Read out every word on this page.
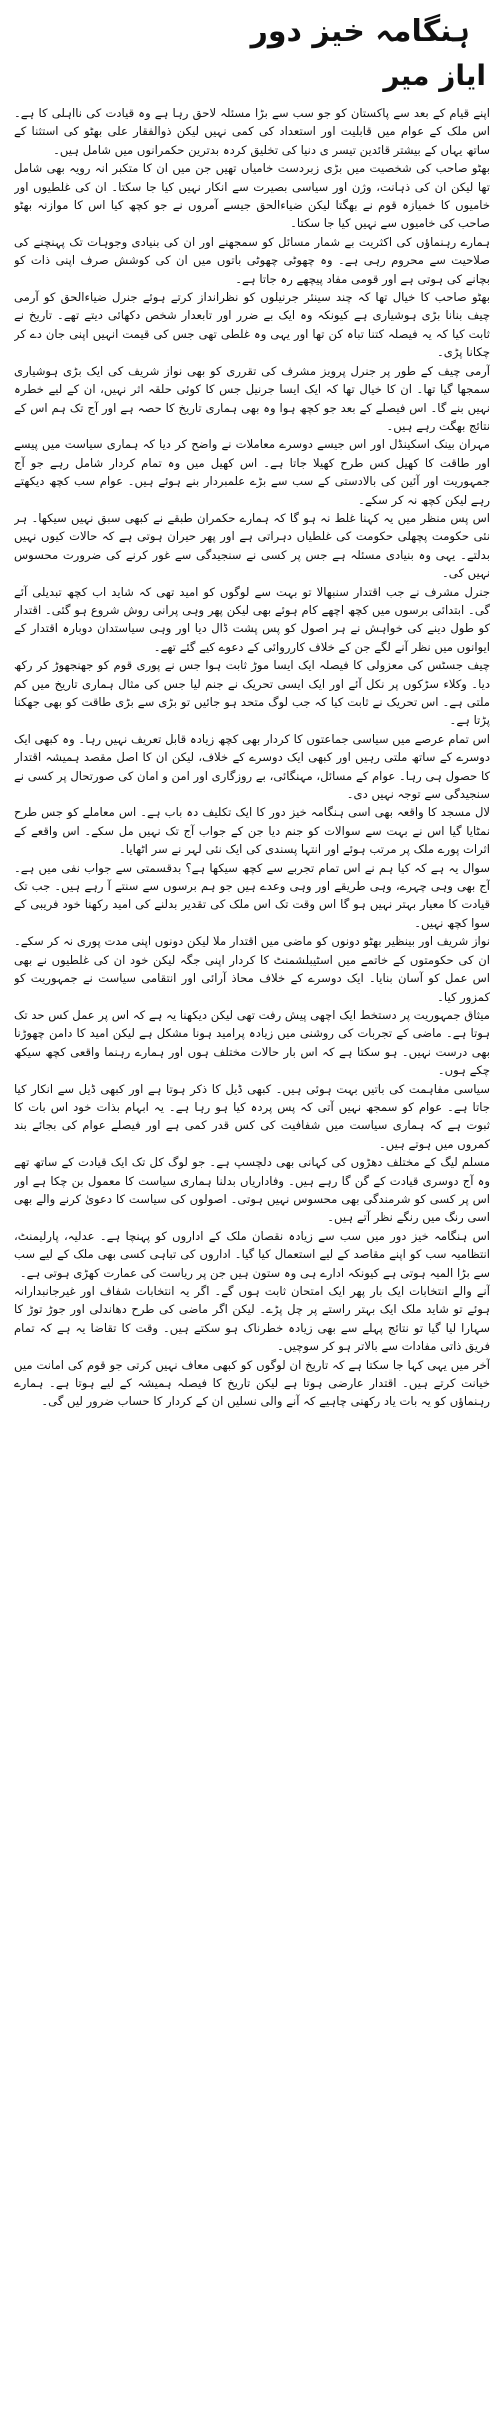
ہنگامہ خیز دور
ایاز میر

اپنے قیام کے بعد سے پاکستان کو جو سب سے بڑا مسئلہ لاحق رہا ہے وہ قیادت کی نااہلی کا ہے۔ اس ملک کے عوام میں قابلیت اور استعداد کی کمی نہیں لیکن ذوالفقار علی بھٹو کی استثنا کے ساتھ یہاں کے بیشتر قائدین تیسر ی دنیا کی تخلیق کردہ بدترین حکمرانوں میں شامل ہیں۔

بھٹو صاحب کی شخصیت میں بڑی زبردست خامیاں تھیں جن میں ان کا متکبر انہ رویہ بھی شامل تھا لیکن ان کی ذہانت، وژن اور سیاسی بصیرت سے انکار نہیں کیا جا سکتا۔ ان کی غلطیوں اور خامیوں کا خمیازہ قوم نے بھگتا لیکن ضیاءالحق جیسے آمروں نے جو کچھ کیا اس کا موازنہ بھٹو صاحب کی خامیوں سے نہیں کیا جا سکتا۔

ہمارے رہنماؤں کی اکثریت بے شمار مسائل کو سمجھنے اور ان کی بنیادی وجوہات تک پہنچنے کی صلاحیت سے محروم رہی ہے۔ وہ چھوٹی چھوٹی باتوں میں ان کی کوشش صرف اپنی ذات کو بچانے کی ہوتی ہے اور قومی مفاد پیچھے رہ جاتا ہے۔

بھٹو صاحب کا خیال تھا کہ چند سینئر جرنیلوں کو نظرانداز کرتے ہوئے جنرل ضیاءالحق کو آرمی چیف بنانا بڑی ہوشیاری ہے کیونکہ وہ ایک بے ضرر اور تابعدار شخص دکھائی دیتے تھے۔ تاریخ نے ثابت کیا کہ یہ فیصلہ کتنا تباہ کن تھا اور یہی وہ غلطی تھی جس کی قیمت انہیں اپنی جان دے کر چکانا پڑی۔

آرمی چیف کے طور پر جنرل پرویز مشرف کی تقرری کو بھی نواز شریف کی ایک بڑی ہوشیاری سمجھا گیا تھا۔ ان کا خیال تھا کہ ایک ایسا جرنیل جس کا کوئی حلقہ اثر نہیں، ان کے لیے خطرہ نہیں بنے گا۔ اس فیصلے کے بعد جو کچھ ہوا وہ بھی ہماری تاریخ کا حصہ ہے اور آج تک ہم اس کے نتائج بھگت رہے ہیں۔

مہران بینک اسکینڈل اور اس جیسے دوسرے معاملات نے واضح کر دیا کہ ہماری سیاست میں پیسے اور طاقت کا کھیل کس طرح کھیلا جاتا ہے۔ اس کھیل میں وہ تمام کردار شامل رہے جو آج جمہوریت اور آئین کی بالادستی کے سب سے بڑے علمبردار بنے ہوئے ہیں۔ عوام سب کچھ دیکھتے رہے لیکن کچھ نہ کر سکے۔

اس پس منظر میں یہ کہنا غلط نہ ہو گا کہ ہمارے حکمران طبقے نے کبھی سبق نہیں سیکھا۔ ہر نئی حکومت پچھلی حکومت کی غلطیاں دہراتی ہے اور پھر حیران ہوتی ہے کہ حالات کیوں نہیں بدلتے۔ یہی وہ بنیادی مسئلہ ہے جس پر کسی نے سنجیدگی سے غور کرنے کی ضرورت محسوس نہیں کی۔

جنرل مشرف نے جب اقتدار سنبھالا تو بہت سے لوگوں کو امید تھی کہ شاید اب کچھ تبدیلی آئے گی۔ ابتدائی برسوں میں کچھ اچھے کام ہوئے بھی لیکن پھر وہی پرانی روش شروع ہو گئی۔ اقتدار کو طول دینے کی خواہش نے ہر اصول کو پس پشت ڈال دیا اور وہی سیاستدان دوبارہ اقتدار کے ایوانوں میں نظر آنے لگے جن کے خلاف کارروائی کے دعوے کیے گئے تھے۔

چیف جسٹس کی معزولی کا فیصلہ ایک ایسا موڑ ثابت ہوا جس نے پوری قوم کو جھنجھوڑ کر رکھ دیا۔ وکلاء سڑکوں پر نکل آئے اور ایک ایسی تحریک نے جنم لیا جس کی مثال ہماری تاریخ میں کم ملتی ہے۔ اس تحریک نے ثابت کیا کہ جب لوگ متحد ہو جائیں تو بڑی سے بڑی طاقت کو بھی جھکنا پڑتا ہے۔

اس تمام عرصے میں سیاسی جماعتوں کا کردار بھی کچھ زیادہ قابل تعریف نہیں رہا۔ وہ کبھی ایک دوسرے کے ساتھ ملتی رہیں اور کبھی ایک دوسرے کے خلاف، لیکن ان کا اصل مقصد ہمیشہ اقتدار کا حصول ہی رہا۔ عوام کے مسائل، مہنگائی، بے روزگاری اور امن و امان کی صورتحال پر کسی نے سنجیدگی سے توجہ نہیں دی۔

لال مسجد کا واقعہ بھی اسی ہنگامہ خیز دور کا ایک تکلیف دہ باب ہے۔ اس معاملے کو جس طرح نمٹایا گیا اس نے بہت سے سوالات کو جنم دیا جن کے جواب آج تک نہیں مل سکے۔ اس واقعے کے اثرات پورے ملک پر مرتب ہوئے اور انتہا پسندی کی ایک نئی لہر نے سر اٹھایا۔

سوال یہ ہے کہ کیا ہم نے اس تمام تجربے سے کچھ سیکھا ہے؟ بدقسمتی سے جواب نفی میں ہے۔ آج بھی وہی چہرے، وہی طریقے اور وہی وعدے ہیں جو ہم برسوں سے سنتے آ رہے ہیں۔ جب تک قیادت کا معیار بہتر نہیں ہو گا اس وقت تک اس ملک کی تقدیر بدلنے کی امید رکھنا خود فریبی کے سوا کچھ نہیں۔

نواز شریف اور بینظیر بھٹو دونوں کو ماضی میں اقتدار ملا لیکن دونوں اپنی مدت پوری نہ کر سکے۔ ان کی حکومتوں کے خاتمے میں اسٹیبلشمنٹ کا کردار اپنی جگہ لیکن خود ان کی غلطیوں نے بھی اس عمل کو آسان بنایا۔ ایک دوسرے کے خلاف محاذ آرائی اور انتقامی سیاست نے جمہوریت کو کمزور کیا۔

میثاق جمہوریت پر دستخط ایک اچھی پیش رفت تھی لیکن دیکھنا یہ ہے کہ اس پر عمل کس حد تک ہوتا ہے۔ ماضی کے تجربات کی روشنی میں زیادہ پرامید ہونا مشکل ہے لیکن امید کا دامن چھوڑنا بھی درست نہیں۔ ہو سکتا ہے کہ اس بار حالات مختلف ہوں اور ہمارے رہنما واقعی کچھ سیکھ چکے ہوں۔

سیاسی مفاہمت کی باتیں بہت ہوئی ہیں۔ کبھی ڈیل کا ذکر ہوتا ہے اور کبھی ڈیل سے انکار کیا جاتا ہے۔ عوام کو سمجھ نہیں آتی کہ پس پردہ کیا ہو رہا ہے۔ یہ ابہام بذات خود اس بات کا ثبوت ہے کہ ہماری سیاست میں شفافیت کی کس قدر کمی ہے اور فیصلے عوام کی بجائے بند کمروں میں ہوتے ہیں۔

مسلم لیگ کے مختلف دھڑوں کی کہانی بھی دلچسپ ہے۔ جو لوگ کل تک ایک قیادت کے ساتھ تھے وہ آج دوسری قیادت کے گن گا رہے ہیں۔ وفاداریاں بدلنا ہماری سیاست کا معمول بن چکا ہے اور اس پر کسی کو شرمندگی بھی محسوس نہیں ہوتی۔ اصولوں کی سیاست کا دعویٰ کرنے والے بھی اسی رنگ میں رنگے نظر آتے ہیں۔

اس ہنگامہ خیز دور میں سب سے زیادہ نقصان ملک کے اداروں کو پہنچا ہے۔ عدلیہ، پارلیمنٹ، انتظامیہ سب کو اپنے مقاصد کے لیے استعمال کیا گیا۔ اداروں کی تباہی کسی بھی ملک کے لیے سب سے بڑا المیہ ہوتی ہے کیونکہ ادارے ہی وہ ستون ہیں جن پر ریاست کی عمارت کھڑی ہوتی ہے۔

آنے والے انتخابات ایک بار پھر ایک امتحان ثابت ہوں گے۔ اگر یہ انتخابات شفاف اور غیرجانبدارانہ ہوئے تو شاید ملک ایک بہتر راستے پر چل پڑے۔ لیکن اگر ماضی کی طرح دھاندلی اور جوڑ توڑ کا سہارا لیا گیا تو نتائج پہلے سے بھی زیادہ خطرناک ہو سکتے ہیں۔ وقت کا تقاضا یہ ہے کہ تمام فریق ذاتی مفادات سے بالاتر ہو کر سوچیں۔

آخر میں یہی کہا جا سکتا ہے کہ تاریخ ان لوگوں کو کبھی معاف نہیں کرتی جو قوم کی امانت میں خیانت کرتے ہیں۔ اقتدار عارضی ہوتا ہے لیکن تاریخ کا فیصلہ ہمیشہ کے لیے ہوتا ہے۔ ہمارے رہنماؤں کو یہ بات یاد رکھنی چاہیے کہ آنے والی نسلیں ان کے کردار کا حساب ضرور لیں گی۔
